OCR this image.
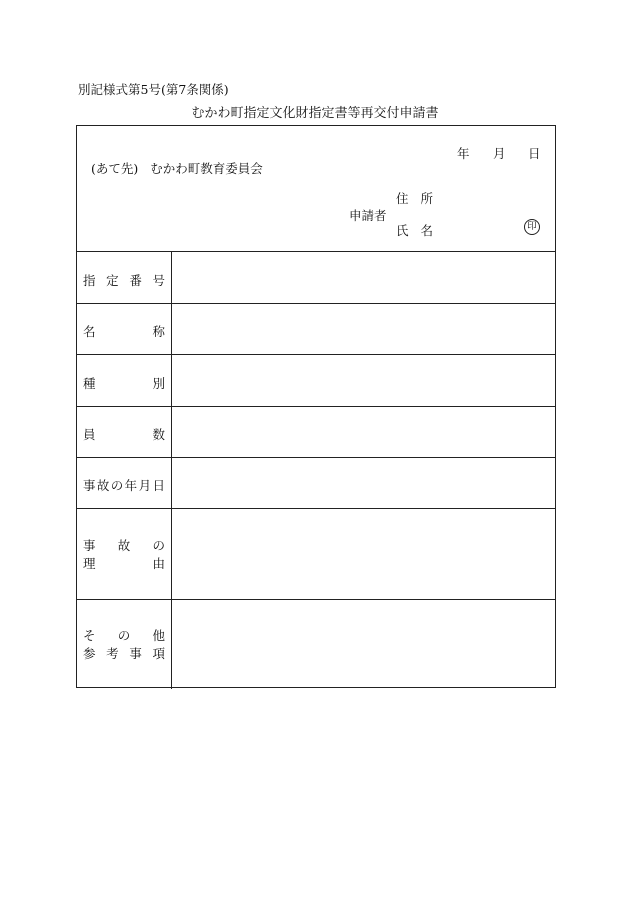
別記様式第5号(第7条関係)
むかわ町指定文化財指定書等再交付申請書
年 月 日
(あて先) むかわ町教育委員会
住所
申請者
氏名	印
指 定 番 号
名	称
種	別
員	数
事 故 の 年 月 日
事 故 の
理	由
そ の 他
参 考 事 項
